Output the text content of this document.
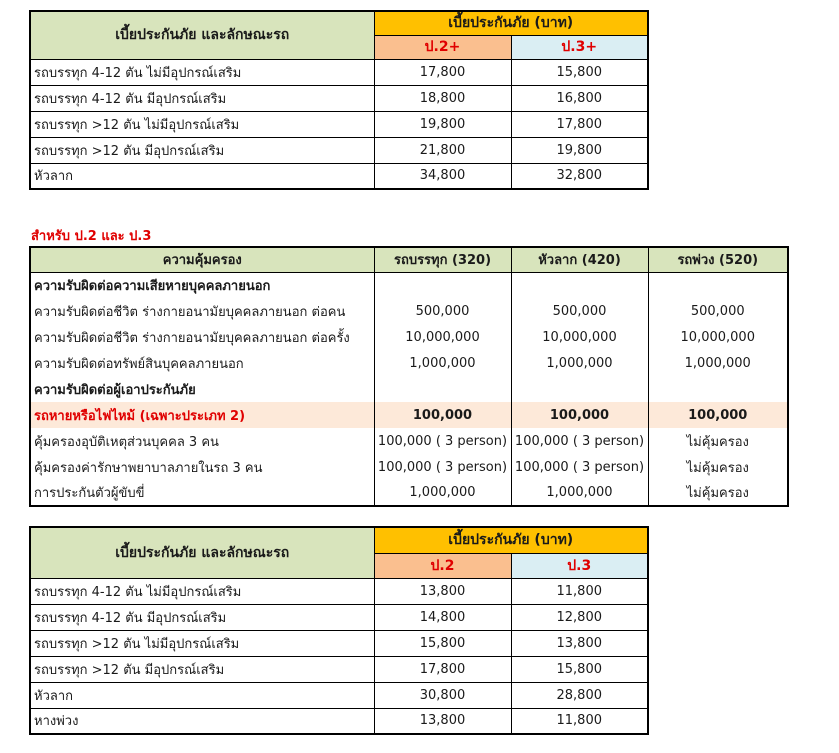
เบี้ยประกันภัย และลักษณะรถ	เบี้ยประกันภัย (บาท)	
	ป.2+	ป.3+
รถบรรทุก 4-12 ตัน ไม่มีอุปกรณ์เสริม	17,800	15,800
รถบรรทุก 4-12 ตัน มีอุปกรณ์เสริม	18,800	16,800
รถบรรทุก >12 ตัน ไม่มีอุปกรณ์เสริม	19,800	17,800
รถบรรทุก >12 ตัน มีอุปกรณ์เสริม	21,800	19,800
หัวลาก	34,800	32,800
สำหรับ ป.2 และ ป.3
ความคุ้มครอง	รถบรรทุก (320)	หัวลาก (420)	รถพ่วง (520)
ความรับผิดต่อความเสียหายบุคคลภายนอก			
ความรับผิดต่อชีวิต ร่างกายอนามัยบุคคลภายนอก ต่อคน	500,000	500,000	500,000
ความรับผิดต่อชีวิต ร่างกายอนามัยบุคคลภายนอก ต่อครั้ง	10,000,000	10,000,000	10,000,000
ความรับผิดต่อทรัพย์สินบุคคลภายนอก	1,000,000	1,000,000	1,000,000
ความรับผิดต่อผู้เอาประกันภัย			
รถหายหรือไฟไหม้ (เฉพาะประเภท 2)	100,000	100,000	100,000
คุ้มครองอุบัติเหตุส่วนบุคคล 3 คน	100,000 ( 3 person)	100,000 ( 3 person)	ไม่คุ้มครอง
คุ้มครองค่ารักษาพยาบาลภายในรถ 3 คน	100,000 ( 3 person)	100,000 ( 3 person)	ไม่คุ้มครอง
การประกันตัวผู้ขับขี่	1,000,000	1,000,000	ไม่คุ้มครอง
เบี้ยประกันภัย และลักษณะรถ	เบี้ยประกันภัย (บาท)	
	ป.2	ป.3
รถบรรทุก 4-12 ตัน ไม่มีอุปกรณ์เสริม	13,800	11,800
รถบรรทุก 4-12 ตัน มีอุปกรณ์เสริม	14,800	12,800
รถบรรทุก >12 ตัน ไม่มีอุปกรณ์เสริม	15,800	13,800
รถบรรทุก >12 ตัน มีอุปกรณ์เสริม	17,800	15,800
หัวลาก	30,800	28,800
หางพ่วง	13,800	11,800
